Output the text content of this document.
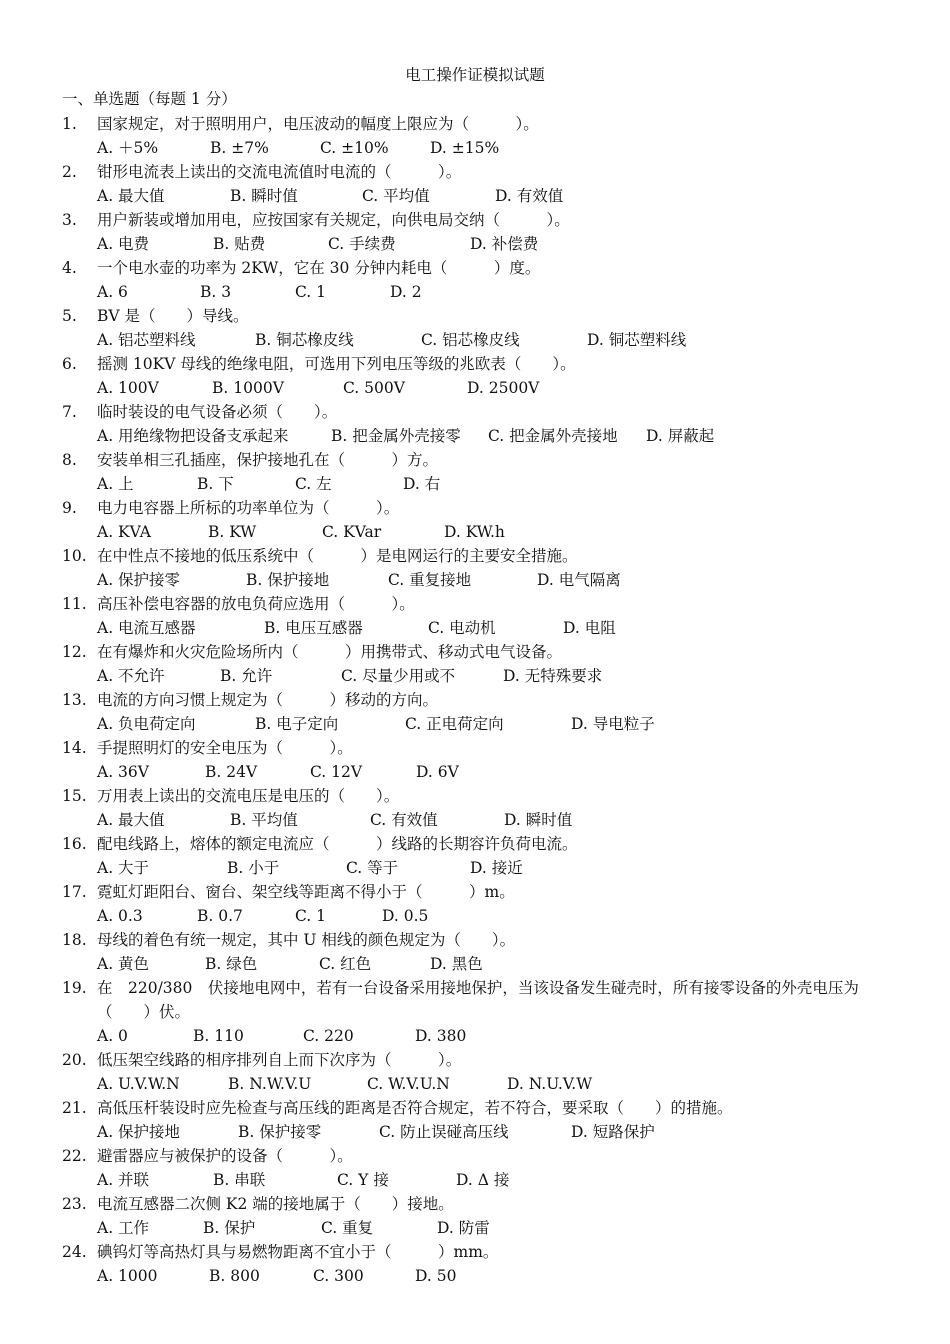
电工操作证模拟试题
一、单选题（每题 1 分）
1.	国家规定，对于照明用户，电压波动的幅度上限应为（　　　）。
A. ＋5%	B. ±7%	C. ±10%	D. ±15%
2.	钳形电流表上读出的交流电流值时电流的（　　　）。
A. 最大值	B. 瞬时值	C. 平均值	D. 有效值
3.	用户新装或增加用电，应按国家有关规定，向供电局交纳（　　　）。
A. 电费	B. 贴费	C. 手续费	D. 补偿费
4.	一个电水壶的功率为 2KW，它在 30 分钟内耗电（　　　）度。
A. 6	B. 3	C. 1	D. 2
5.	BV 是（　　）导线。
A. 铝芯塑料线	B. 铜芯橡皮线	C. 铝芯橡皮线	D. 铜芯塑料线
6.	摇测 10KV 母线的绝缘电阻，可选用下列电压等级的兆欧表（　　）。
A. 100V	B. 1000V	C. 500V	D. 2500V
7.	临时装设的电气设备必须（　　）。
A. 用绝缘物把设备支承起来	B. 把金属外壳接零 C. 把金属外壳接地 D. 屏蔽起
8.	安装单相三孔插座，保护接地孔在（　　　）方。
A. 上	B. 下	C. 左	D. 右
9.	电力电容器上所标的功率单位为（　　　）。
A. KVA	B. KW	C. KVar	D. KW.h
10. 在中性点不接地的低压系统中（　　　）是电网运行的主要安全措施。
A. 保护接零	B. 保护接地	C. 重复接地	D. 电气隔离
11. 高压补偿电容器的放电负荷应选用（　　　）。
A. 电流互感器	B. 电压互感器	C. 电动机	D. 电阻
12. 在有爆炸和火灾危险场所内（　　　）用携带式、移动式电气设备。
A. 不允许	B. 允许	C. 尽量少用或不	D. 无特殊要求
13. 电流的方向习惯上规定为（　　　）移动的方向。
A. 负电荷定向	B. 电子定向	C. 正电荷定向	D. 导电粒子
14. 手提照明灯的安全电压为（　　　）。
A. 36V	B. 24V	C. 12V	D. 6V
15. 万用表上读出的交流电压是电压的（　　）。
A. 最大值	B. 平均值	C. 有效值	D. 瞬时值
16. 配电线路上，熔体的额定电流应（　　　）线路的长期容许负荷电流。
A. 大于	B. 小于	C. 等于	D. 接近
17. 霓虹灯距阳台、窗台、架空线等距离不得小于（　　　）m。
A. 0.3	B. 0.7	C. 1	D. 0.5
18. 母线的着色有统一规定，其中 U 相线的颜色规定为（　　）。
A. 黄色	B. 绿色	C. 红色	D. 黑色
19. 在　220/380　伏接地电网中，若有一台设备采用接地保护，当该设备发生碰壳时，所有接零设备的外壳电压为（　　）伏。
A. 0	B. 110	C. 220	D. 380
20. 低压架空线路的相序排列自上而下次序为（　　　）。
A. U.V.W.N	B. N.W.V.U	C. W.V.U.N	D. N.U.V.W
21. 高低压杆装设时应先检查与高压线的距离是否符合规定，若不符合，要采取（　　）的措施。
A. 保护接地	B. 保护接零	C. 防止误碰高压线	D. 短路保护
22. 避雷器应与被保护的设备（　　　）。
A. 并联	B. 串联	C. Y 接	D. Δ 接
23. 电流互感器二次侧 K2 端的接地属于（　　）接地。
A. 工作	B. 保护	C. 重复	D. 防雷
24. 碘钨灯等高热灯具与易燃物距离不宜小于（　　　）mm。
A. 1000	B. 800	C. 300	D. 50
